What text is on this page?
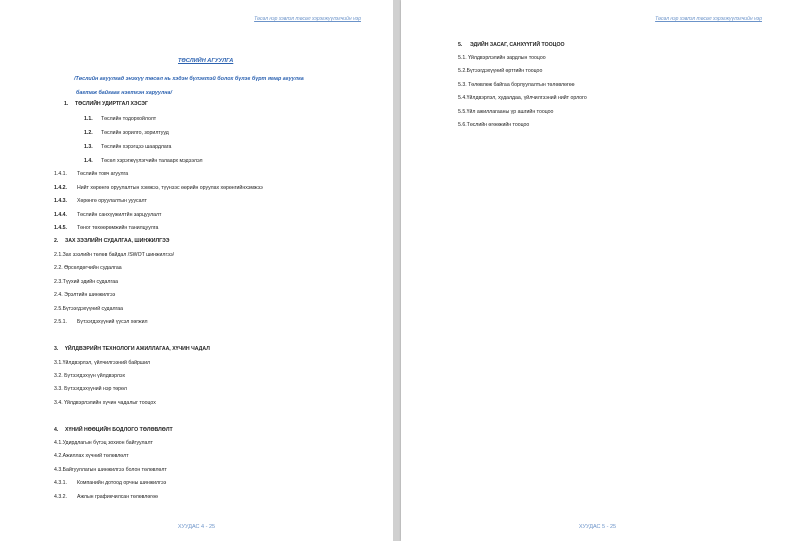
Төсөл нэр хэвлэл төсөл хэрэгжүүлэгчийн нэр
ТӨСЛИЙН АГУУЛГА
/Төслийн агуулгад энэхүү төсөл нь хэдэн бүлэгтэй болох бүлэг бүрт ямар агуулга
багтаж байгааг нэгтгэн харуулна/
1. ТӨСЛИЙН УДИРТГАЛ ХЭСЭГ
1.1. Төслийн тодорхойлолт
1.2. Төслийн зорилго, зорилтууд
1.3. Төслийн хэрэгцээ шаардлага
1.4. Төсөл хэрэгжүүлэгчийн талаарх мэдээлэл
1.4.1. Төслийн товч агуулга
1.4.2. Нийт хөрөнгө оруулалтын хэмжээ, түүнээс өөрийн оруулах хөрөнгийнхэмжээ
1.4.3. Хөрөнгө оруулалтын ууусалт
1.4.4. Төслийн санхүүжилтйн зарцуулалт
1.4.5. Төног төхөөрөмжийн танилцуулга
2. ЗАХ ЗЭЭЛИЙН СУДАЛГАА, ШИНЖИЛГЭЭ
2.1.Зах зээлийн төлөв байдал /SWOT шинжилгээ/
2.2. Өрсөлдөгчийн судалгаа
2.3.Түүхий эдийн судалгаа
2.4. Эрэлтийн шинжилгээ
2.5.Бүтээгдэхүүний судалгаа
2.5.1. Бүтээгдэхүүний үүсэл хөгжил
3. ҮЙЛДВЭРИЙН ТЕХНОЛОГИ АЖИЛЛАГАА, ХҮЧИН ЧАДАЛ
3.1.Үйлдвэрлэл, үйлчилгээний байршил
3.2. Бүтээгдэхүүн үйлдвэрлэх
3.3. Бүтээгдэхүүний нэр төрөл
3.4. Үйлдвэрлэлийн хүчин чадалыг тооцох
4. ХҮНИЙ НӨӨЦИЙН БОДЛОГО ТӨЛӨВЛӨЛТ
4.1.Удирдлагын бүтэц зохион байгуулалт
4.2.Ажиллах хүчний төлөвлөлт
4.3.Байгууллагын шинжилгээ болон төлөвлөлт
4.3.1. Компанийн дотоод орчны шинжилгээ
4.3.2. Ажлын графикчилсан төлөвлөгөө
ХУУДАС 4 - 25
Төсөл нэр хэвлэл төсөл хэрэгжүүлэгчийн нэр
5. ЭДИЙН ЗАСАГ, САНХҮҮГИЙ ТООЦОО
5.1. Үйлдвэрлэлийн зардлын тооцоо
5.2.Бүтээгдэхүүний өртгийн тооцоо
5.3. Төлөвлөж байгаа борлуулалтын төлөвлөгөө
5.4.Үйлдвэрлэл, худалдаа, үйлчилгээний нийт орлого
5.5.Үйл ажиллагааны үр ашгийн тооцоо
5.6.Төслийн өгөөжийн тооцоо
ХУУДАС 5 - 25
